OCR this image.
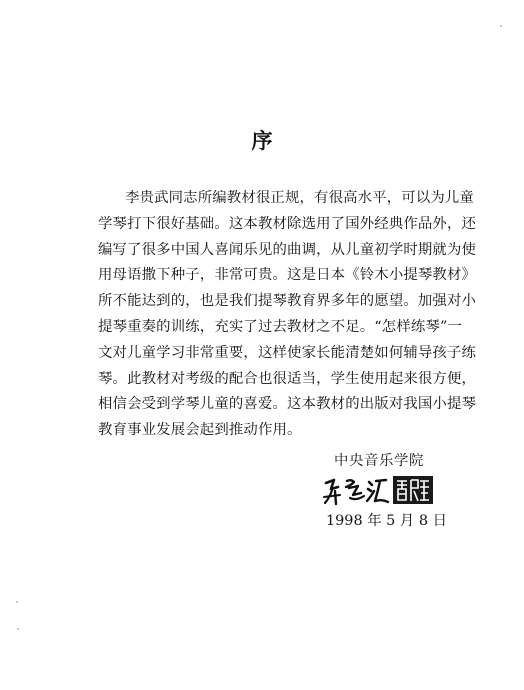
序
李贵武同志所编教材很正规，有很高水平，可以为儿童
学琴打下很好基础。这本教材除选用了国外经典作品外，还
编写了很多中国人喜闻乐见的曲调，从儿童初学时期就为使
用母语撒下种子，非常可贵。这是日本《铃木小提琴教材》
所不能达到的，也是我们提琴教育界多年的愿望。加强对小
提琴重奏的训练，充实了过去教材之不足。“怎样练琴”一
文对儿童学习非常重要，这样使家长能清楚如何辅导孩子练
琴。此教材对考级的配合也很适当，学生使用起来很方便，
相信会受到学琴儿童的喜爱。这本教材的出版对我国小提琴
教育事业发展会起到推动作用。
中央音乐学院
1998 年 5 月 8 日
